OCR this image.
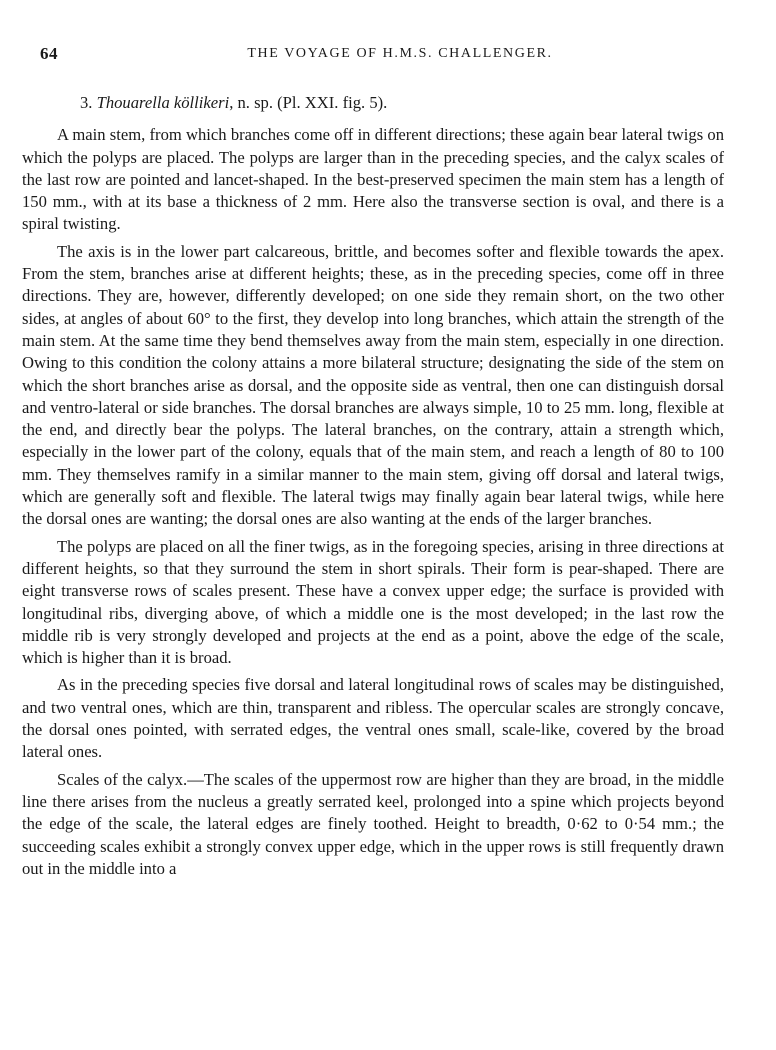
64	THE VOYAGE OF H.M.S. CHALLENGER.
3. Thouarella köllikeri, n. sp. (Pl. XXI. fig. 5).

A main stem, from which branches come off in different directions; these again bear lateral twigs on which the polyps are placed. The polyps are larger than in the preceding species, and the calyx scales of the last row are pointed and lancet-shaped. In the best-preserved specimen the main stem has a length of 150 mm., with at its base a thickness of 2 mm. Here also the transverse section is oval, and there is a spiral twisting.

The axis is in the lower part calcareous, brittle, and becomes softer and flexible towards the apex. From the stem, branches arise at different heights; these, as in the preceding species, come off in three directions. They are, however, differently developed; on one side they remain short, on the two other sides, at angles of about 60° to the first, they develop into long branches, which attain the strength of the main stem. At the same time they bend themselves away from the main stem, especially in one direction. Owing to this condition the colony attains a more bilateral structure; designating the side of the stem on which the short branches arise as dorsal, and the opposite side as ventral, then one can distinguish dorsal and ventro-lateral or side branches. The dorsal branches are always simple, 10 to 25 mm. long, flexible at the end, and directly bear the polyps. The lateral branches, on the contrary, attain a strength which, especially in the lower part of the colony, equals that of the main stem, and reach a length of 80 to 100 mm. They themselves ramify in a similar manner to the main stem, giving off dorsal and lateral twigs, which are generally soft and flexible. The lateral twigs may finally again bear lateral twigs, while here the dorsal ones are wanting; the dorsal ones are also wanting at the ends of the larger branches.

The polyps are placed on all the finer twigs, as in the foregoing species, arising in three directions at different heights, so that they surround the stem in short spirals. Their form is pear-shaped. There are eight transverse rows of scales present. These have a convex upper edge; the surface is provided with longitudinal ribs, diverging above, of which a middle one is the most developed; in the last row the middle rib is very strongly developed and projects at the end as a point, above the edge of the scale, which is higher than it is broad.

As in the preceding species five dorsal and lateral longitudinal rows of scales may be distinguished, and two ventral ones, which are thin, transparent and ribless. The opercular scales are strongly concave, the dorsal ones pointed, with serrated edges, the ventral ones small, scale-like, covered by the broad lateral ones.

Scales of the calyx.—The scales of the uppermost row are higher than they are broad, in the middle line there arises from the nucleus a greatly serrated keel, prolonged into a spine which projects beyond the edge of the scale, the lateral edges are finely toothed. Height to breadth, 0·62 to 0·54 mm.; the succeeding scales exhibit a strongly convex upper edge, which in the upper rows is still frequently drawn out in the middle into a
